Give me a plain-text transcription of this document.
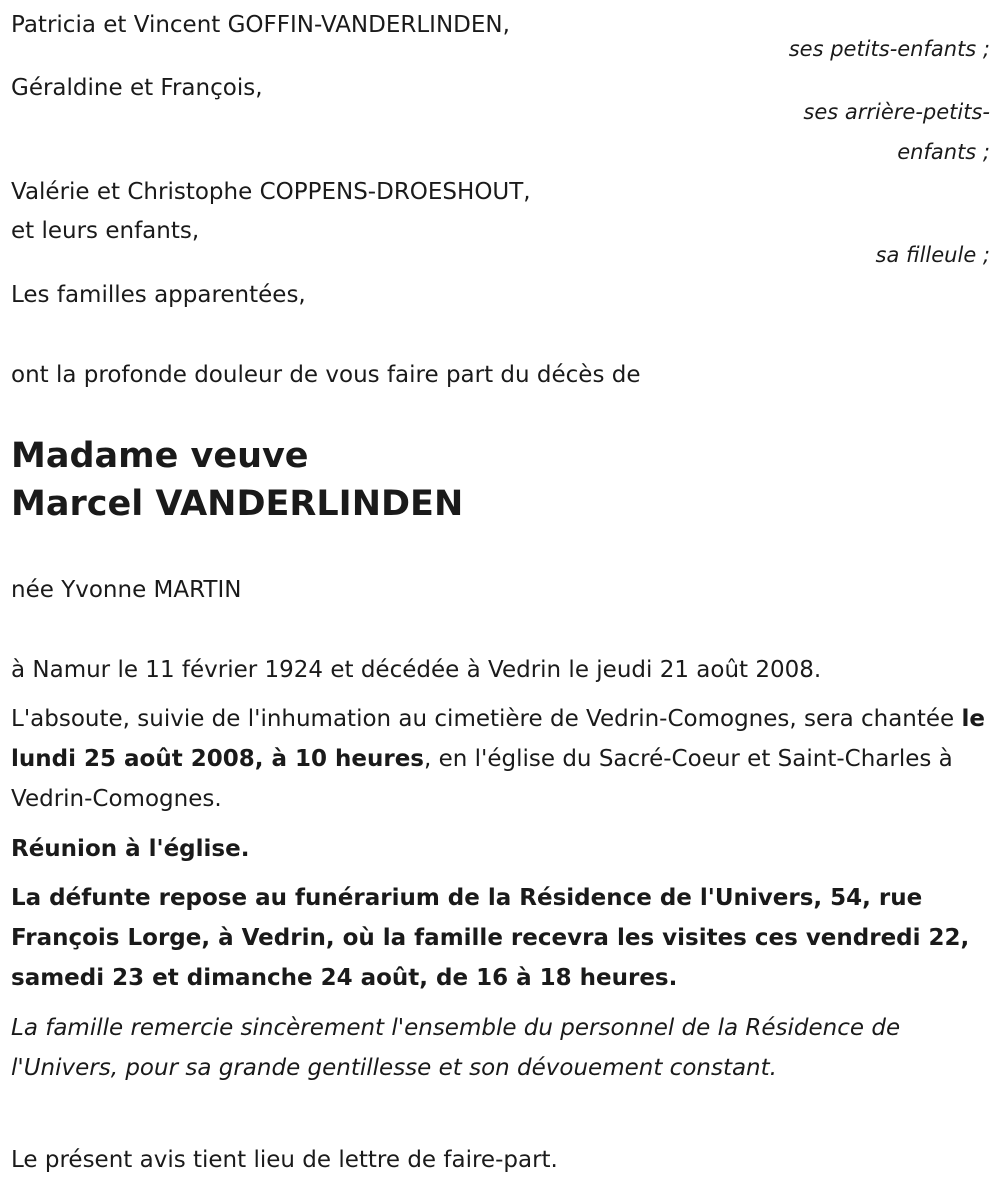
Patricia et Vincent GOFFIN-VANDERLINDEN,

ses petits-enfants ;

Géraldine et François,

ses arrière-petits-

enfants ;

Valérie et Christophe COPPENS-DROESHOUT,

et leurs enfants,

sa filleule ;

Les familles apparentées,

ont la profonde douleur de vous faire part du décès de

Madame veuve

Marcel VANDERLINDEN

née Yvonne MARTIN

à Namur le 11 février 1924 et décédée à Vedrin le jeudi 21 août 2008.

L'absoute, suivie de l'inhumation au cimetière de Vedrin-Comognes, sera chantée le lundi 25 août 2008, à 10 heures, en l'église du Sacré-Coeur et Saint-Charles à Vedrin-Comognes.

Réunion à l'église.

La défunte repose au funérarium de la Résidence de l'Univers, 54, rue François Lorge, à Vedrin, où la famille recevra les visites ces vendredi 22, samedi 23 et dimanche 24 août, de 16 à 18 heures.

La famille remercie sincèrement l'ensemble du personnel de la Résidence de l'Univers, pour sa grande gentillesse et son dévouement constant.

Le présent avis tient lieu de lettre de faire-part.
